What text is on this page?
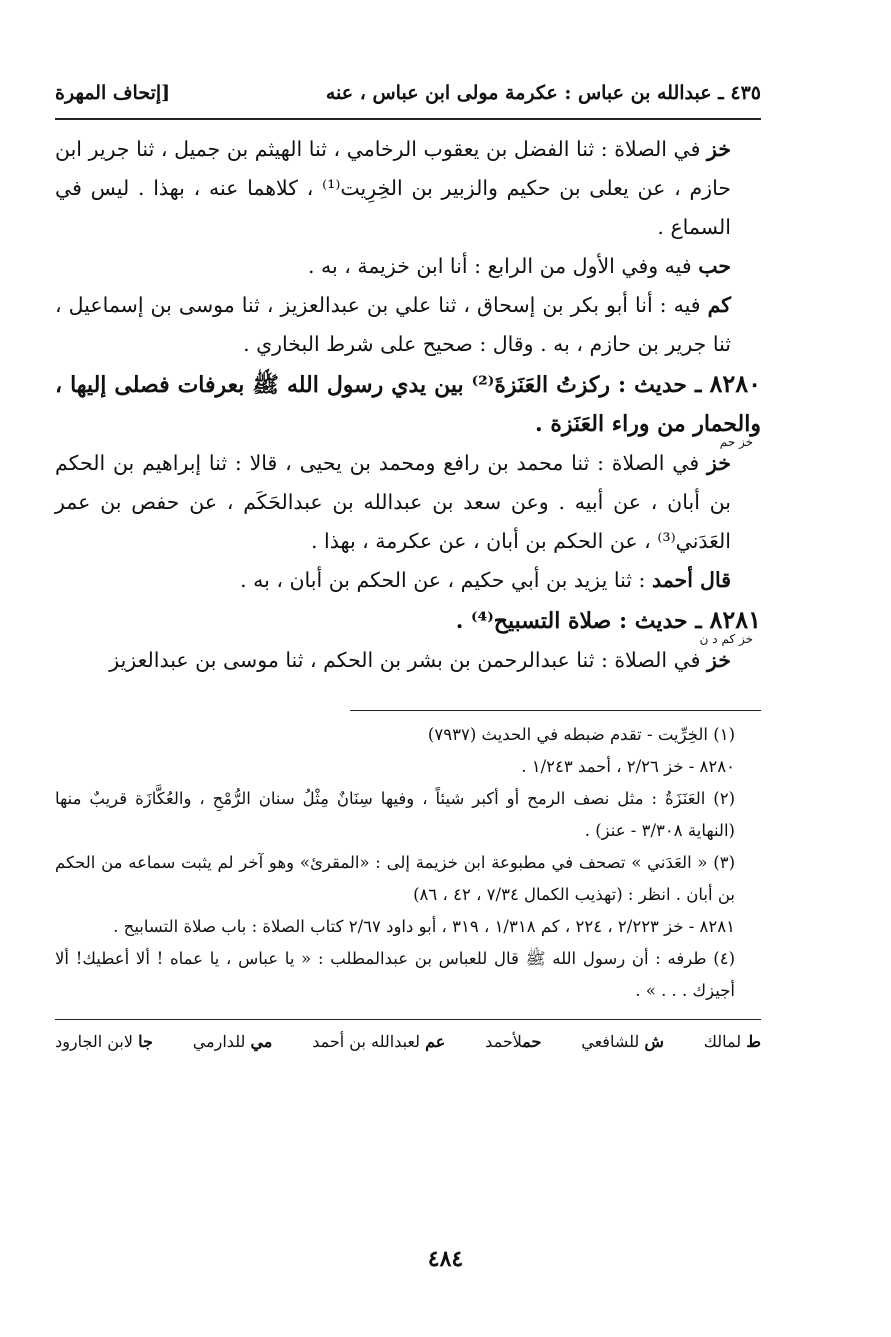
٤٣٥ ـ عبدالله بن عباس : عكرمة مولى ابن عباس ، عنه
[إتحاف المهرة

خز في الصلاة : ثنا الفضل بن يعقوب الرخامي ، ثنا الهيثم بن جميل ، ثنا جرير ابن حازم ، عن يعلى بن حكيم والزبير بن الخِرِيت⁽¹⁾ ، كلاهما عنه ، بهذا . ليس في السماع .

حب فيه وفي الأول من الرابع : أنا ابن خزيمة ، به .

كم فيه : أنا أبو بكر بن إسحاق ، ثنا علي بن عبدالعزيز ، ثنا موسى بن إسماعيل ، ثنا جرير بن حازم ، به . وقال : صحيح على شرط البخاري .

٨٢٨٠ ـ حديث : ركزتُ العَنَزةَ⁽²⁾ بين يدي رسول الله ﷺ بعرفات فصلى إليها ، والحمار من وراء العَنَزة .
خز حم

خز في الصلاة : ثنا محمد بن رافع ومحمد بن يحيى ، قالا : ثنا إبراهيم بن الحكم بن أبان ، عن أبيه . وعن سعد بن عبدالله بن عبدالحَكَم ، عن حفص بن عمر العَدَني⁽³⁾ ، عن الحكم بن أبان ، عن عكرمة ، بهذا .

قال أحمد : ثنا يزيد بن أبي حكيم ، عن الحكم بن أبان ، به .

٨٢٨١ ـ حديث : صلاة التسبيح⁽⁴⁾ .
خز كم د ن

خز في الصلاة : ثنا عبدالرحمن بن بشر بن الحكم ، ثنا موسى بن عبدالعزيز

(١) الخِرِّيت - تقدم ضبطه في الحديث (٧٩٣٧)

٨٢٨٠ - خز ٢/٢٦ ، أحمد ١/٢٤٣ .

(٢) العَنَزَةُ : مثل نصف الرمح أو أكبر شيئاً ، وفيها سِنَانٌ مِثْلُ سنان الرُّمْحِ ، والعُكَّازَة قريبٌ منها (النهاية ٣/٣٠٨ - عنز) .

(٣) « العَدَني » تصحف في مطبوعة ابن خزيمة إلى : «المقرئ» وهو آخر لم يثبت سماعه من الحكم بن أبان . انظر : (تهذيب الكمال ٧/٣٤ ، ٤٢ ، ٨٦)

٨٢٨١ - خز ٢/٢٢٣ ، ٢٢٤ ، كم ١/٣١٨ ، ٣١٩ ، أبو داود ٢/٦٧ كتاب الصلاة : باب صلاة التسابيح .

(٤) طرفه : أن رسول الله ﷺ قال للعباس بن عبدالمطلب : « يا عباس ، يا عماه ! ألا أعطيك! ألا أجيزك . . . » .

ط لمالك
ش للشافعي
حملأحمد
عم لعبدالله بن أحمد
مي للدارمي
جا لابن الجارود
٤٨٤
